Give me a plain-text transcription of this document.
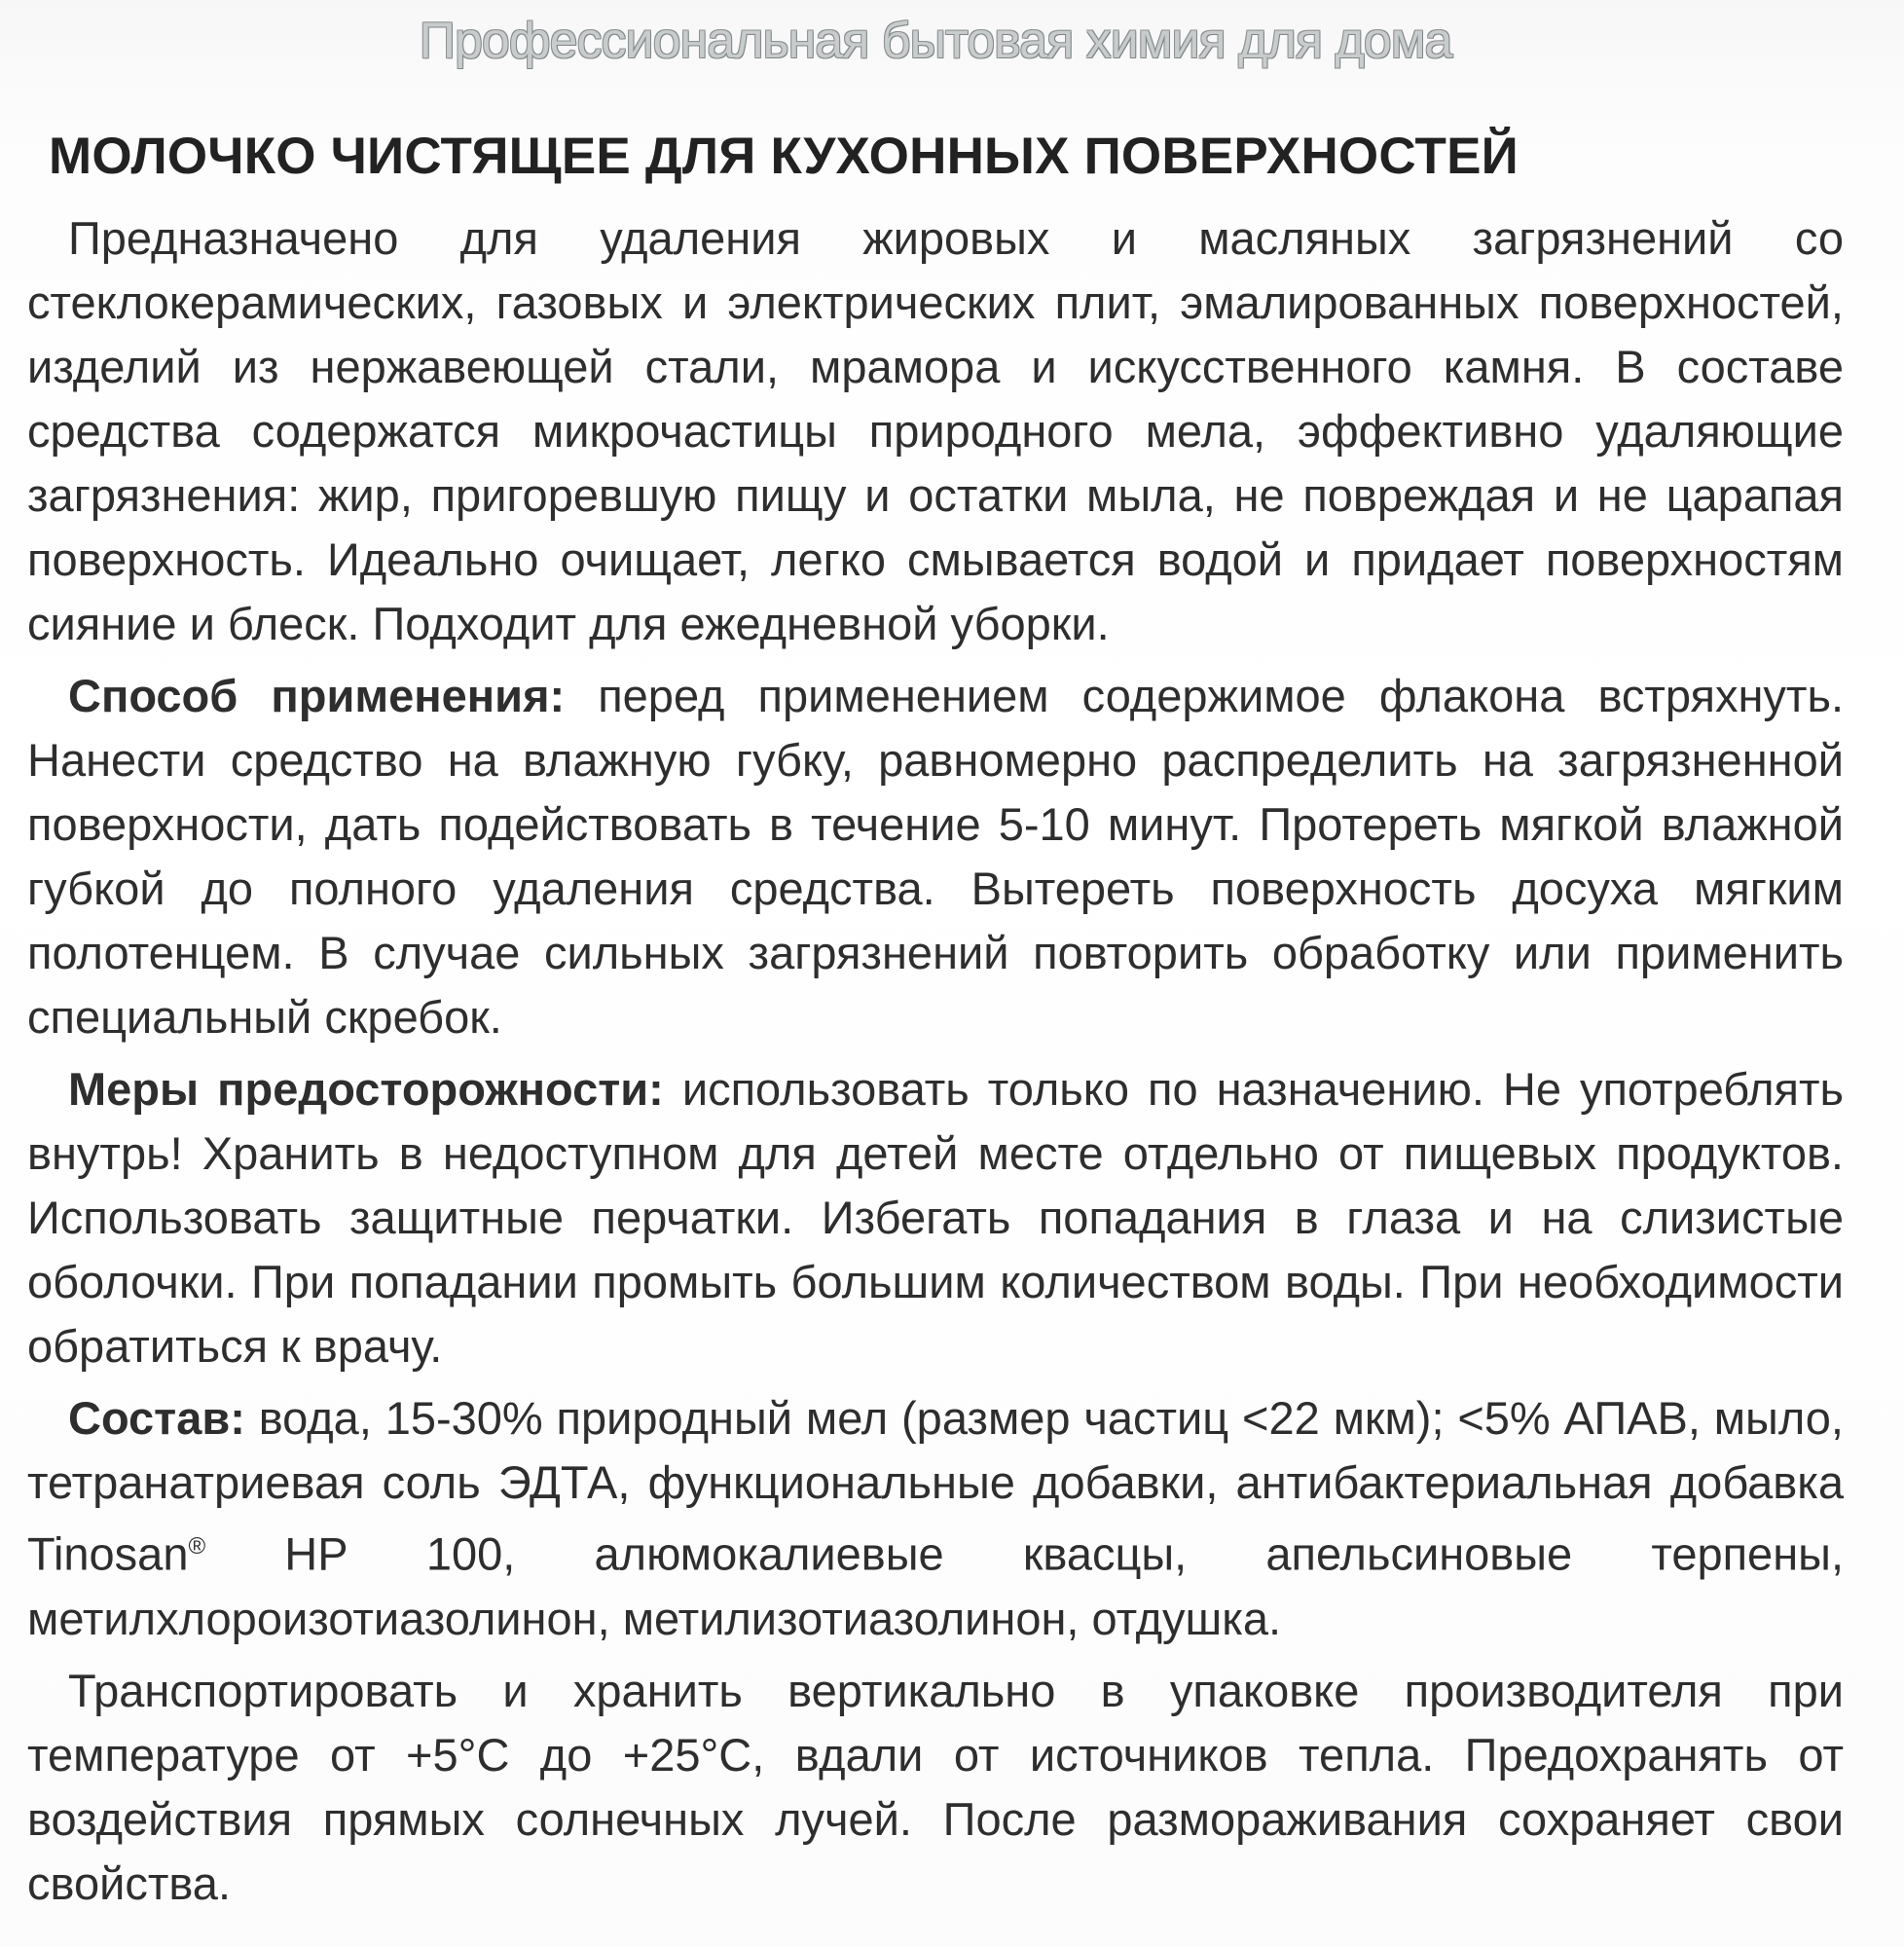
Профессиональная бытовая химия для дома
МОЛОЧКО ЧИСТЯЩЕЕ ДЛЯ КУХОННЫХ ПОВЕРХНОСТЕЙ

Предназначено для удаления жировых и масляных загрязнений со стеклокерамических, газовых и электрических плит, эмалированных поверхностей, изделий из нержавеющей стали, мрамора и искусственного камня. В составе средства содержатся микрочастицы природного мела, эффективно удаляющие загрязнения: жир, пригоревшую пищу и остатки мыла, не повреждая и не царапая поверхность. Идеально очищает, легко смывается водой и придает поверхностям сияние и блеск. Подходит для ежедневной уборки.

Способ применения: перед применением содержимое флакона встряхнуть. Нанести средство на влажную губку, равномерно распределить на загрязненной поверхности, дать подействовать в течение 5-10 минут. Протереть мягкой влажной губкой до полного удаления средства. Вытереть поверхность досуха мягким полотенцем. В случае сильных загрязнений повторить обработку или применить специальный скребок.

Меры предосторожности: использовать только по назначению. Не употреблять внутрь! Хранить в недоступном для детей месте отдельно от пищевых продуктов. Использовать защитные перчатки. Избегать попадания в глаза и на слизистые оболочки. При попадании промыть большим количеством воды. При необходимости обратиться к врачу.

Состав: вода, 15-30% природный мел (размер частиц <22 мкм); <5% АПАВ, мыло, тетранатриевая соль ЭДТА, функциональные добавки, антибактериальная добавка Tinosan® HP 100, алюмокалиевые квасцы, апельсиновые терпены, метилхлороизотиазолинон, метилизотиазолинон, отдушка.

Транспортировать и хранить вертикально в упаковке производителя при температуре от +5°C до +25°C, вдали от источников тепла. Предохранять от воздействия прямых солнечных лучей. После размораживания сохраняет свои свойства.
